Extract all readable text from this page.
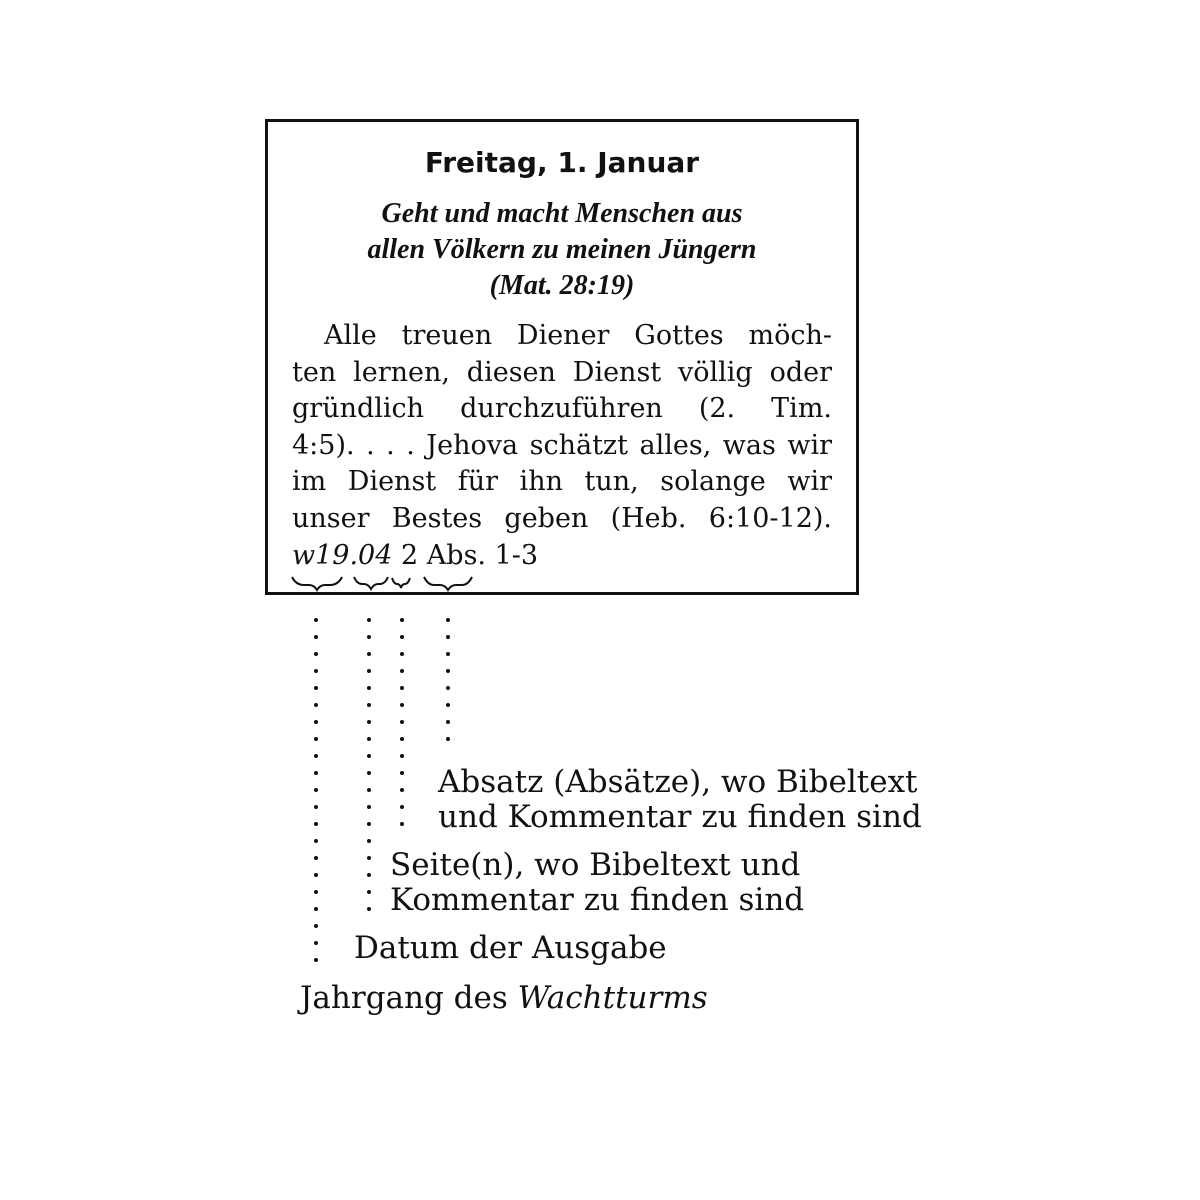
Freitag, 1. Januar
Geht und macht Menschen aus
allen Völkern zu meinen Jüngern
(Mat. 28:19)
Alle treuen Diener Gottes möch-
ten lernen, diesen Dienst völlig oder
gründlich durchzuführen (2. Tim.
4:5). . . . Jehova schätzt alles, was wir
im Dienst für ihn tun, solange wir
unser Bestes geben (Heb. 6:10-12).
w19.04 2 Abs. 1-3
Absatz (Absätze), wo Bibeltext
und Kommentar zu finden sind
Seite(n), wo Bibeltext und
Kommentar zu finden sind
Datum der Ausgabe
Jahrgang des Wachtturms
